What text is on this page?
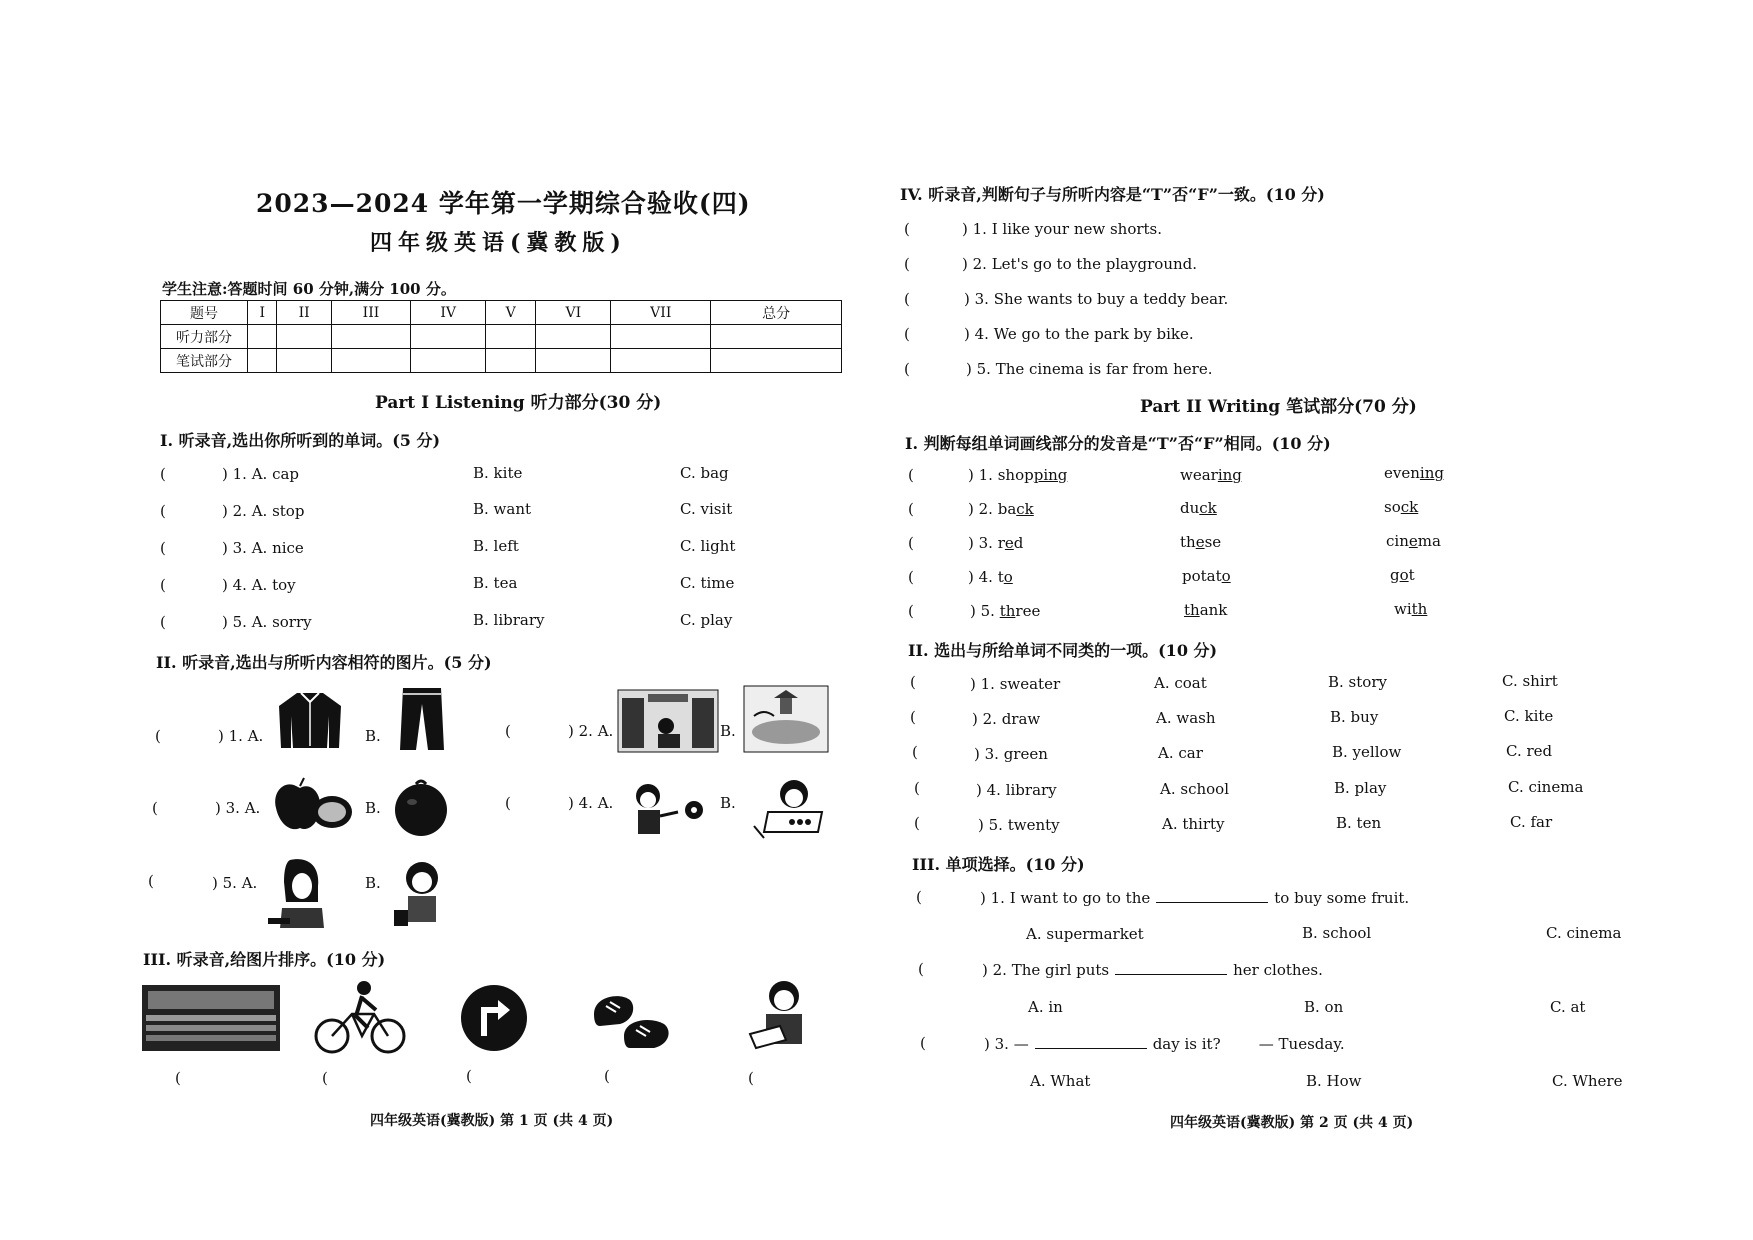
2023—2024 学年第一学期综合验收(四)
四年级英语(冀教版)
学生注意:答题时间 60 分钟,满分 100 分。
题号	I	II	III	IV	V	VI	VII	总分
听力部分								
笔试部分								
Part I Listening 听力部分(30 分)
I. 听录音,选出你所听到的单词。(5 分)
(	) 1. A. cap	B. kite	C. bag
(	) 2. A. stop	B. want	C. visit
(	) 3. A. nice	B. left	C. light
(	) 4. A. toy	B. tea	C. time
(	) 5. A. sorry	B. library	C. play
II. 听录音,选出与所听内容相符的图片。(5 分)
(	) 1. A.	B.	(	) 2. A.	B.
(	) 3. A.	B.	(	) 4. A.	B.
(	) 5. A.	B.
III. 听录音,给图片排序。(10 分)
(	(	(	(	(
四年级英语(冀教版) 第 1 页 (共 4 页)
IV. 听录音,判断句子与所听内容是“T”否“F”一致。(10 分)
(	) 1. I like your new shorts.
(	) 2. Let's go to the playground.
(	) 3. She wants to buy a teddy bear.
(	) 4. We go to the park by bike.
(	) 5. The cinema is far from here.
Part II Writing 笔试部分(70 分)
I. 判断每组单词画线部分的发音是“T”否“F”相同。(10 分)
(	) 1. shopping	wearing	evening
(	) 2. back	duck	sock
(	) 3. red	these	cinema
(	) 4. to	potato	got
(	) 5. three	thank	with
II. 选出与所给单词不同类的一项。(10 分)
(	) 1. sweater	A. coat	B. story	C. shirt
(	) 2. draw	A. wash	B. buy	C. kite
(	) 3. green	A. car	B. yellow	C. red
(	) 4. library	A. school	B. play	C. cinema
(	) 5. twenty	A. thirty	B. ten	C. far
III. 单项选择。(10 分)
(	) 1. I want to go to the	to buy some fruit.
A. supermarket	B. school	C. cinema
(	) 2. The girl puts	her clothes.
A. in	B. on	C. at
(	) 3. —	day is it?	— Tuesday.
A. What	B. How	C. Where
四年级英语(冀教版) 第 2 页 (共 4 页)
